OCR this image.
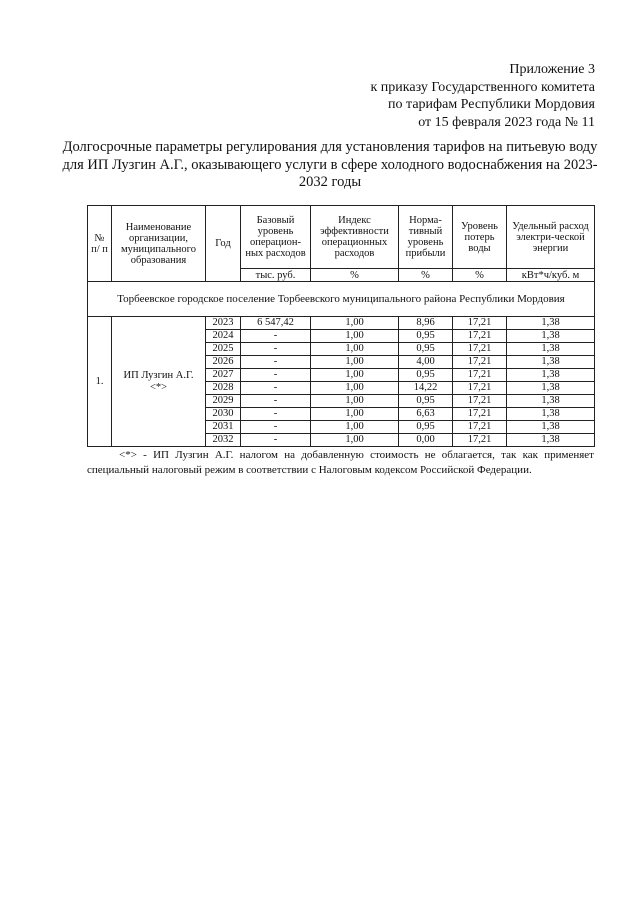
Приложение 3
к приказу Государственного комитета
по тарифам Республики Мордовия
от 15 февраля 2023 года № 11
Долгосрочные параметры регулирования для установления тарифов на питьевую воду для ИП Лузгин А.Г., оказывающего услуги в сфере холодного водоснабжения на 2023-2032 годы
№ п/ п	Наименование организации, муниципального образования	Год	Базовый уровень операцион-ных расходов	Индекс эффективности операционных расходов	Норма-тивный уровень прибыли	Уровень потерь воды	Удельный расход электри-ческой энергии
			тыс. руб.	%	%	%	кВт*ч/куб. м
Торбеевское городское поселение Торбеевского муниципального района Республики Мордовия							
1.	ИП Лузгин А.Г. <*>	2023	6 547,42	1,00	8,96	17,21	1,38
		2024	-	1,00	0,95	17,21	1,38
		2025	-	1,00	0,95	17,21	1,38
		2026	-	1,00	4,00	17,21	1,38
		2027	-	1,00	0,95	17,21	1,38
		2028	-	1,00	14,22	17,21	1,38
		2029	-	1,00	0,95	17,21	1,38
		2030	-	1,00	6,63	17,21	1,38
		2031	-	1,00	0,95	17,21	1,38
		2032	-	1,00	0,00	17,21	1,38
<*> - ИП Лузгин А.Г. налогом на добавленную стоимость не облагается, так как применяет специальный налоговый режим в соответствии с Налоговым кодексом Российской Федерации.
